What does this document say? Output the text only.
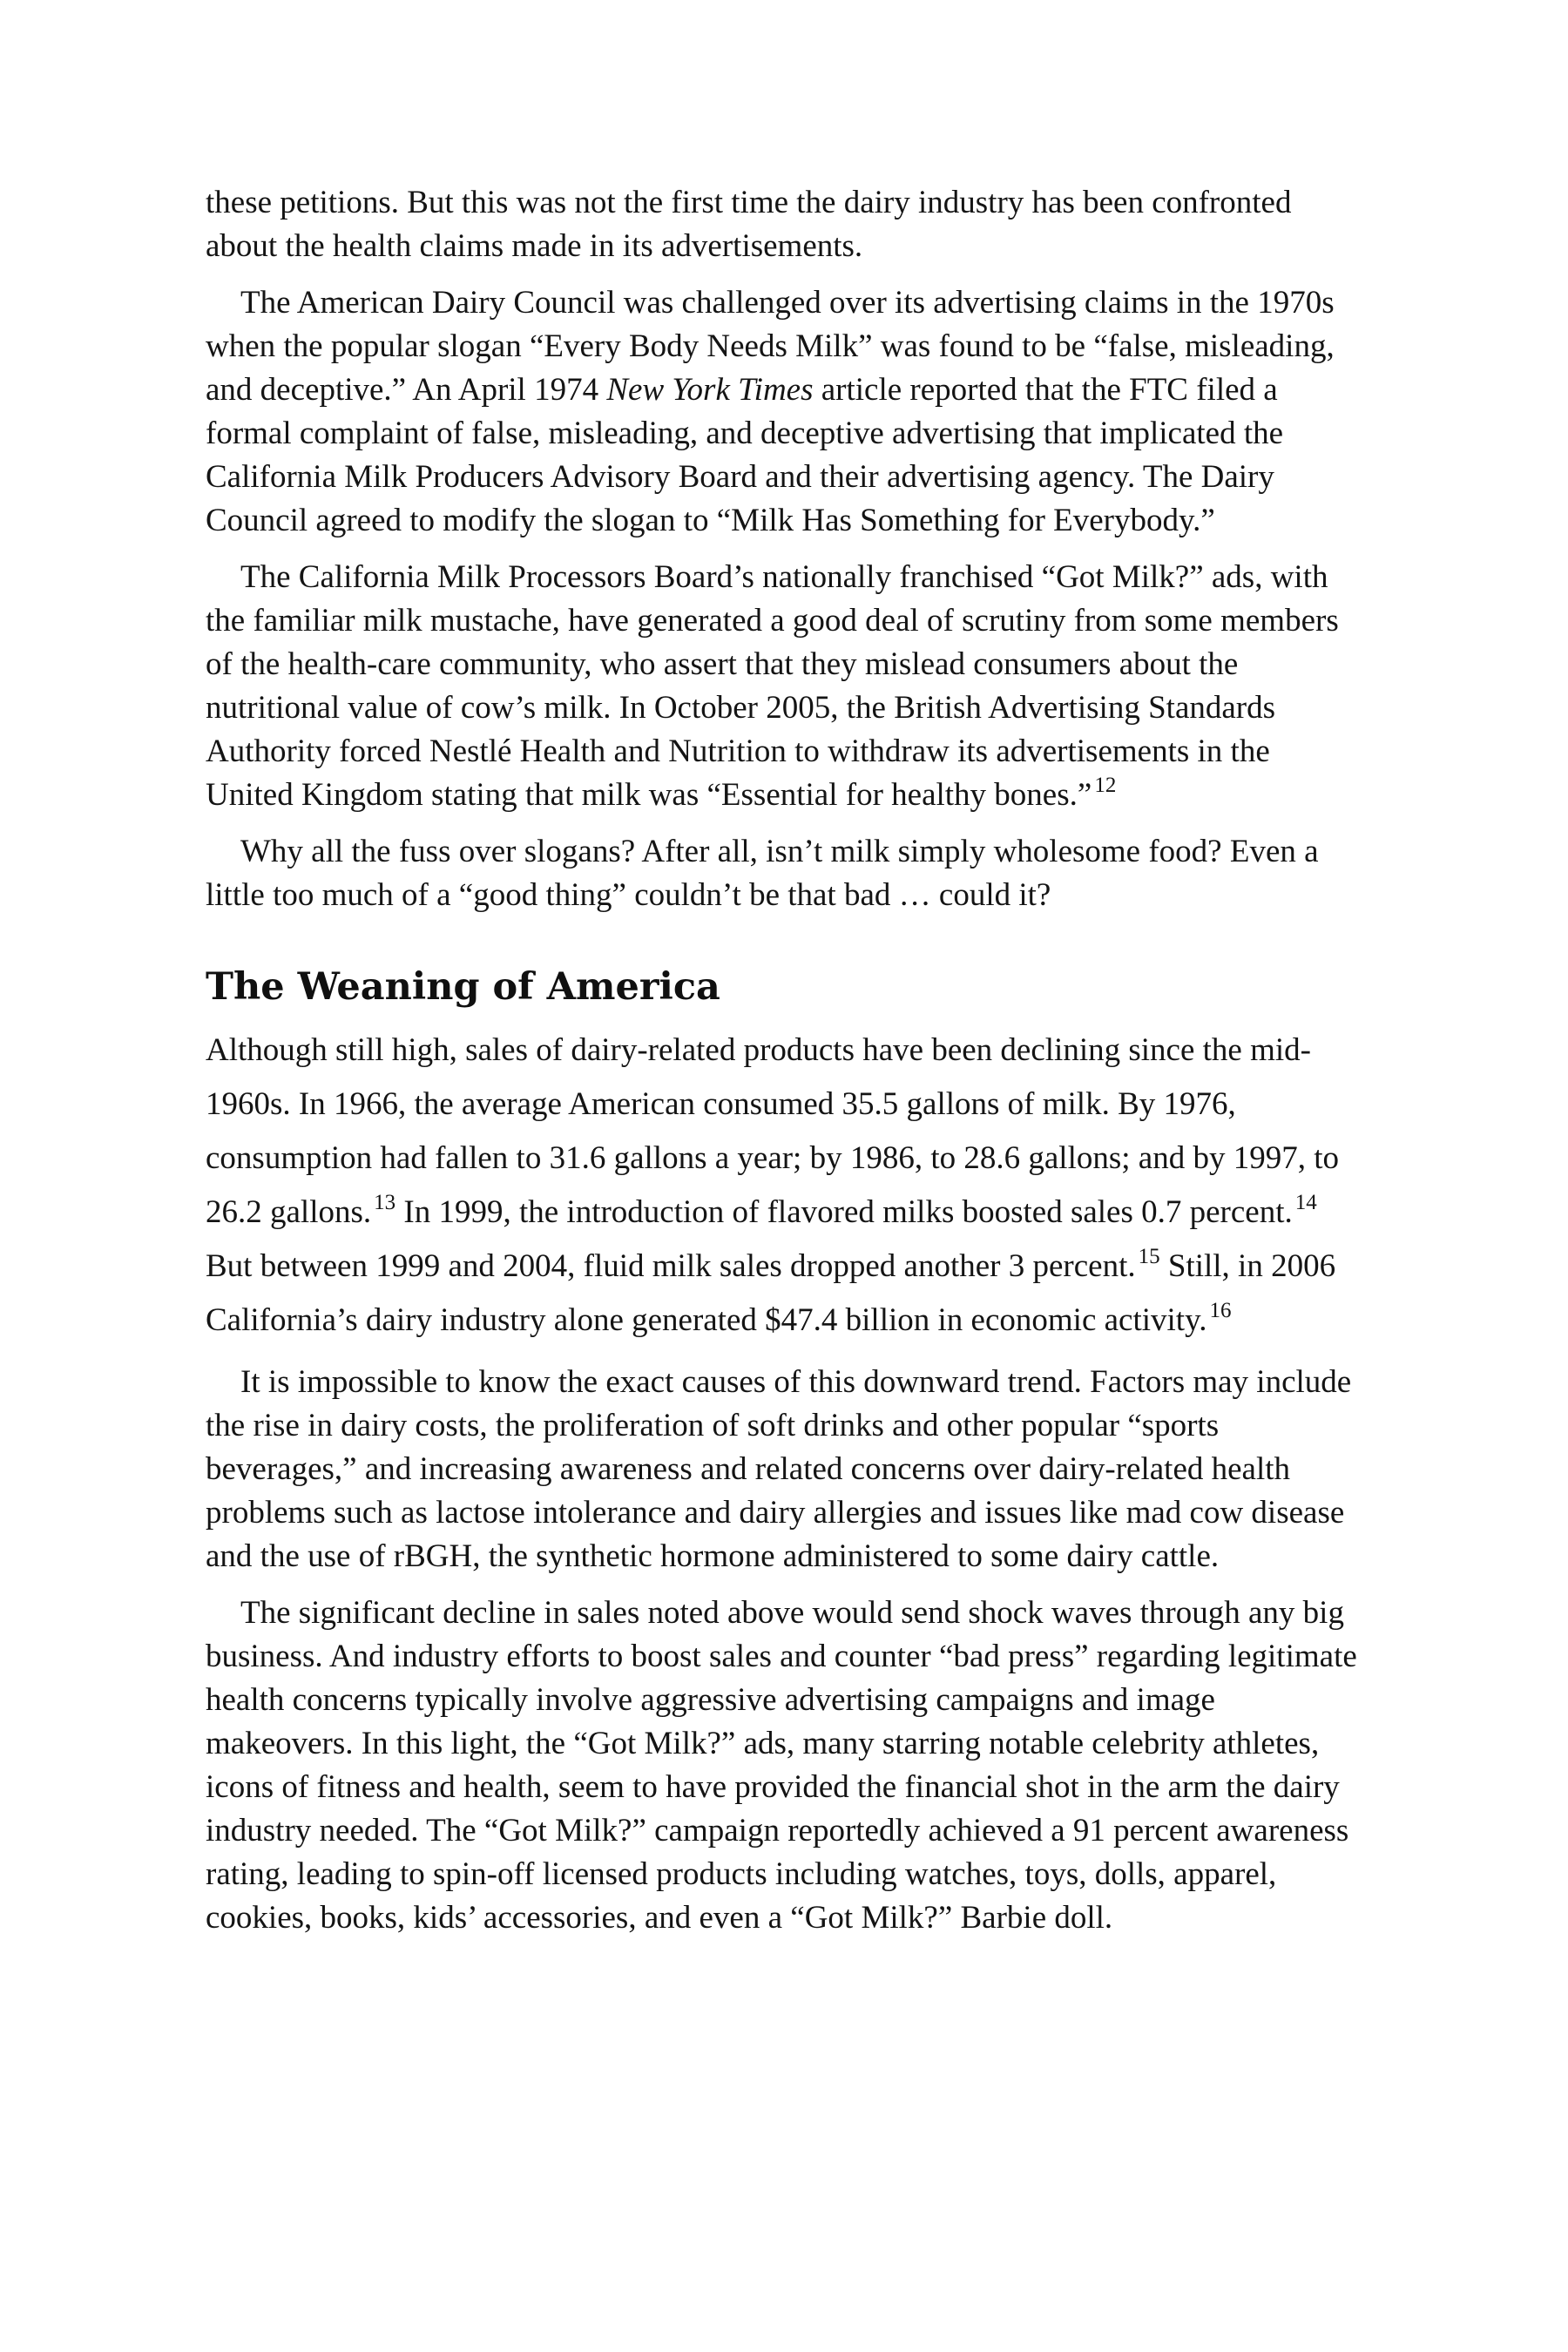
these petitions. But this was not the first time the dairy industry has been confronted about the health claims made in its advertisements.

The American Dairy Council was challenged over its advertising claims in the 1970s when the popular slogan “Every Body Needs Milk” was found to be “false, misleading, and deceptive.” An April 1974 New York Times article reported that the FTC filed a formal complaint of false, misleading, and deceptive advertising that implicated the California Milk Producers Advisory Board and their advertising agency. The Dairy Council agreed to modify the slogan to “Milk Has Something for Everybody.”

The California Milk Processors Board’s nationally franchised “Got Milk?” ads, with the familiar milk mustache, have generated a good deal of scrutiny from some members of the health-care community, who assert that they mislead consumers about the nutritional value of cow’s milk. In October 2005, the British Advertising Standards Authority forced Nestlé Health and Nutrition to withdraw its advertisements in the United Kingdom stating that milk was “Essential for healthy bones.” $^{12}$

Why all the fuss over slogans? After all, isn’t milk simply wholesome food? Even a little too much of a “good thing” couldn’t be that bad … could it?

The Weaning of America

Although still high, sales of dairy-related products have been declining since the mid-1960s. In 1966, the average American consumed 35.5 gallons of milk. By 1976, consumption had fallen to 31.6 gallons a year; by 1986, to 28.6 gallons; and by 1997, to 26.2 gallons. $^{13}$ In 1999, the introduction of flavored milks boosted sales 0.7 percent. $^{14}$ But between 1999 and 2004, fluid milk sales dropped another 3 percent. $^{15}$ Still, in 2006 California’s dairy industry alone generated $47.4 billion in economic activity. $^{16}$

It is impossible to know the exact causes of this downward trend. Factors may include the rise in dairy costs, the proliferation of soft drinks and other popular “sports beverages,” and increasing awareness and related concerns over dairy-related health problems such as lactose intolerance and dairy allergies and issues like mad cow disease and the use of rBGH, the synthetic hormone administered to some dairy cattle.

The significant decline in sales noted above would send shock waves through any big business. And industry efforts to boost sales and counter “bad press” regarding legitimate health concerns typically involve aggressive advertising campaigns and image makeovers. In this light, the “Got Milk?” ads, many starring notable celebrity athletes, icons of fitness and health, seem to have provided the financial shot in the arm the dairy industry needed. The “Got Milk?” campaign reportedly achieved a 91 percent awareness rating, leading to spin-off licensed products including watches, toys, dolls, apparel, cookies, books, kids’ accessories, and even a “Got Milk?” Barbie doll.
